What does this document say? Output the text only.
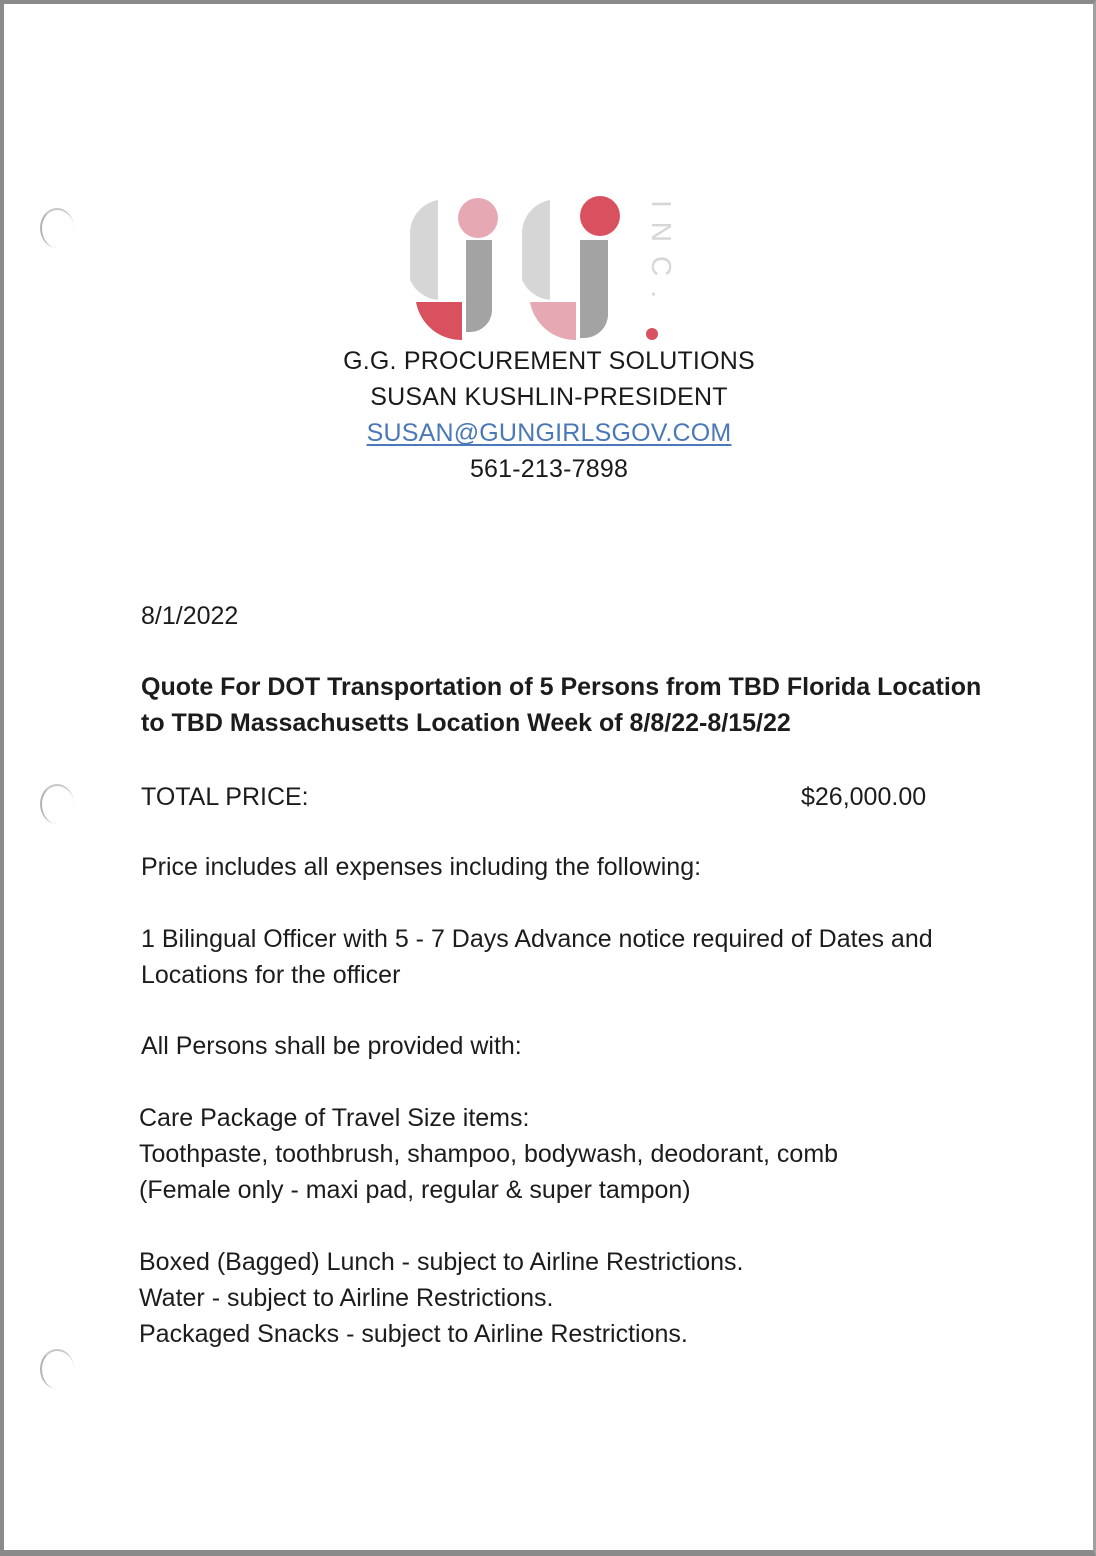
INC.
G.G. PROCUREMENT SOLUTIONS
SUSAN KUSHLIN-PRESIDENT
SUSAN@GUNGIRLSGOV.COM
561-213-7898
8/1/2022
Quote For DOT Transportation of 5 Persons from TBD Florida Location to TBD Massachusetts Location Week of 8/8/22-8/15/22
TOTAL PRICE:	$26,000.00
Price includes all expenses including the following:
1 Bilingual Officer with 5 - 7 Days Advance notice required of Dates and Locations for the officer
All Persons shall be provided with:
Care Package of Travel Size items:
Toothpaste, toothbrush, shampoo, bodywash, deodorant, comb
(Female only - maxi pad, regular & super tampon)
Boxed (Bagged) Lunch - subject to Airline Restrictions.
Water - subject to Airline Restrictions.
Packaged Snacks - subject to Airline Restrictions.
